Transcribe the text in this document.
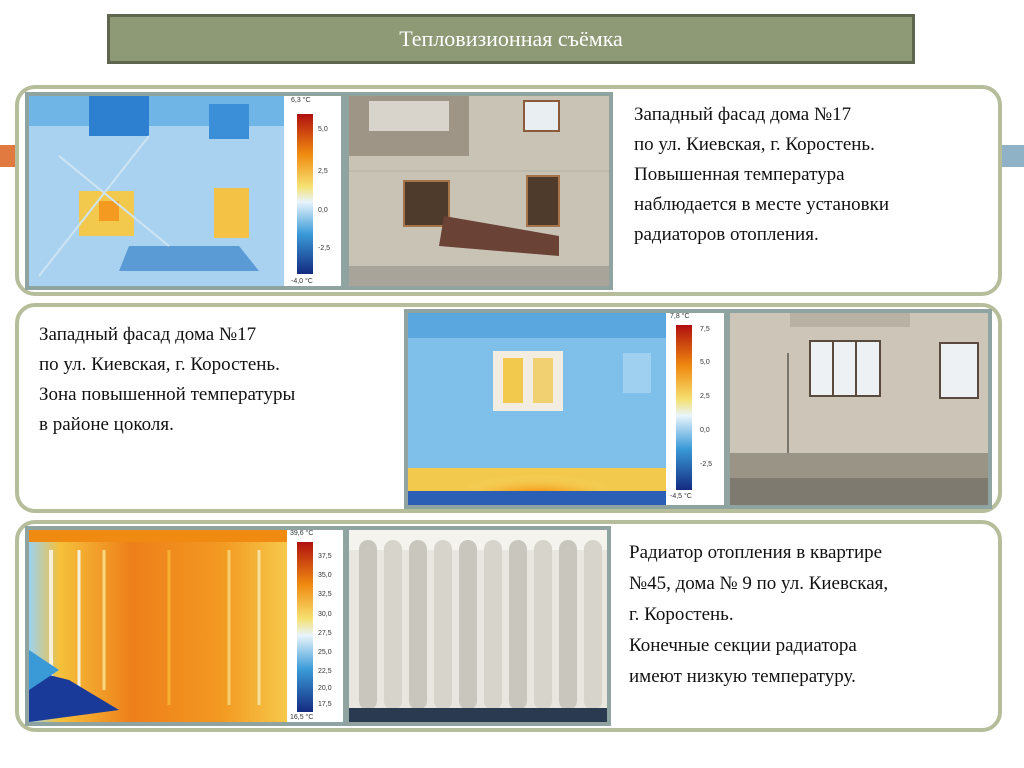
Тепловизионная съёмка
6,3 °C
5,0
2,5
0,0
-2,5
-4,0 °C
Западный фасад дома №17
по ул. Киевская, г. Коростень.
Повышенная температура
наблюдается в месте установки
радиаторов отопления.
Западный фасад дома №17
по ул. Киевская, г. Коростень.
Зона повышенной температуры
в районе цоколя.
7,8 °C
7,5
5,0
2,5
0,0
-2,5
-4,5 °C
39,6 °C
37,5
35,0
32,5
30,0
27,5
25,0
22,5
20,0
17,5
16,5 °C
Радиатор отопления в квартире
№45, дома № 9 по ул. Киевская,
г. Коростень.
Конечные секции радиатора
имеют низкую температуру.
